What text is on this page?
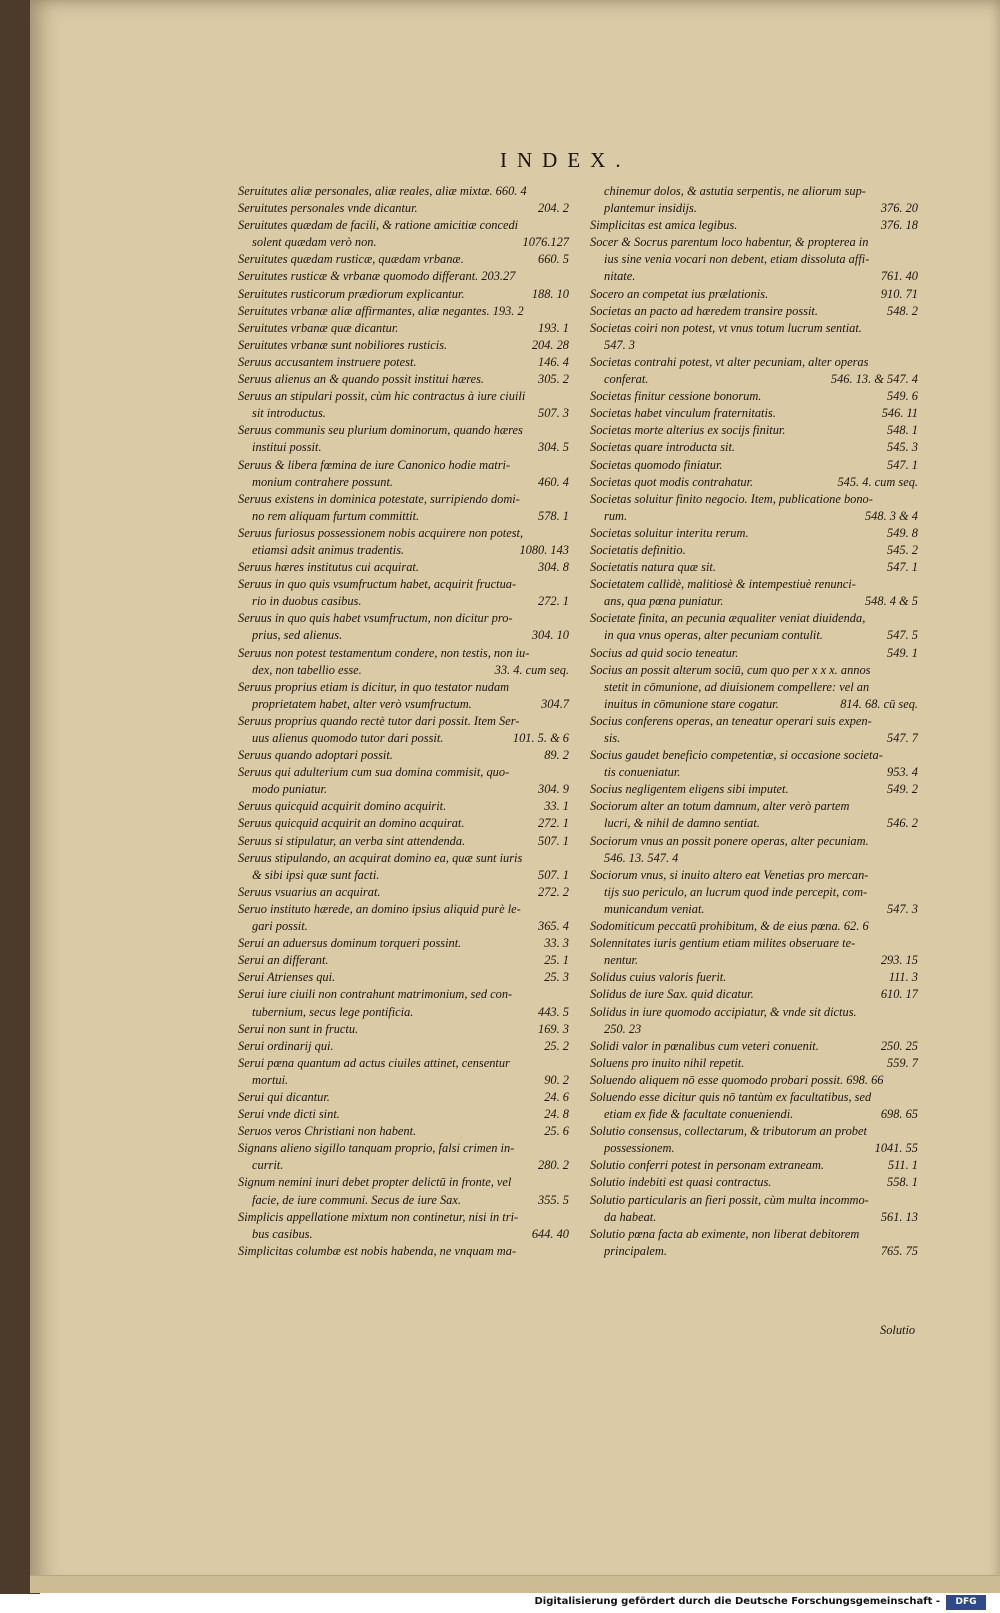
INDEX.

Seruitutes aliæ personales, aliæ reales, aliæ mixtæ. 660. 4

Seruitutes personales vnde dicantur.	204. 2

Seruitutes quædam de facili, & ratione amicitiæ concedi
solent quædam verò non.	1076.127

Seruitutes quædam rusticæ, quædam vrbanæ.	660. 5

Seruitutes rusticæ & vrbanæ quomodo differant. 203.27

Seruitutes rusticorum prædiorum explicantur.	188. 10

Seruitutes vrbanæ aliæ affirmantes, aliæ negantes. 193. 2

Seruitutes vrbanæ quæ dicantur.	193. 1

Seruitutes vrbanæ sunt nobiliores rusticis.	204. 28

Seruus accusantem instruere potest.	146. 4

Seruus alienus an & quando possit institui hæres.	305. 2

Seruus an stipulari possit, cùm hic contractus à iure ciuili
sit introductus.	507. 3

Seruus communis seu plurium dominorum, quando hæres
institui possit.	304. 5

Seruus & libera fœmina de iure Canonico hodie matri-
monium contrahere possunt.	460. 4

Seruus existens in dominica potestate, surripiendo domi-
no rem aliquam furtum committit.	578. 1

Seruus furiosus possessionem nobis acquirere non potest,
etiamsi adsit animus tradentis.	1080. 143

Seruus hæres institutus cui acquirat.	304. 8

Seruus in quo quis vsumfructum habet, acquirit fructua-
rio in duobus casibus.	272. 1

Seruus in quo quis habet vsumfructum, non dicitur pro-
prius, sed alienus.	304. 10

Seruus non potest testamentum condere, non testis, non iu-
dex, non tabellio esse.	33. 4. cum seq.

Seruus proprius etiam is dicitur, in quo testator nudam
proprietatem habet, alter verò vsumfructum.	304.7

Seruus proprius quando rectè tutor dari possit. Item Ser-
uus alienus quomodo tutor dari possit.	101. 5. & 6

Seruus quando adoptari possit.	89. 2

Seruus qui adulterium cum sua domina commisit, quo-
modo puniatur.	304. 9

Seruus quicquid acquirit domino acquirit.	33. 1

Seruus quicquid acquirit an domino acquirat.	272. 1

Seruus si stipulatur, an verba sint attendenda.	507. 1

Seruus stipulando, an acquirat domino ea, quæ sunt iuris
& sibi ipsi quæ sunt facti.	507. 1

Seruus vsuarius an acquirat.	272. 2

Seruo instituto hærede, an domino ipsius aliquid purè le-
gari possit.	365. 4

Serui an aduersus dominum torqueri possint.	33. 3

Serui an differant.	25. 1

Serui Atrienses qui.	25. 3

Serui iure ciuili non contrahunt matrimonium, sed con-
tubernium, secus lege pontificia.	443. 5

Serui non sunt in fructu.	169. 3

Serui ordinarij qui.	25. 2

Serui pœna quantum ad actus ciuiles attinet, censentur
mortui.	90. 2

Serui qui dicantur.	24. 6

Serui vnde dicti sint.	24. 8

Seruos veros Christiani non habent.	25. 6

Signans alieno sigillo tanquam proprio, falsi crimen in-
currit.	280. 2

Signum nemini inuri debet propter delictū in fronte, vel
facie, de iure communi. Secus de iure Sax.	355. 5

Simplicis appellatione mixtum non continetur, nisi in tri-
bus casibus.	644. 40

Simplicitas columbæ est nobis habenda, ne vnquam ma-

chinemur dolos, & astutia serpentis, ne aliorum sup-
plantemur insidijs.	376. 20

Simplicitas est amica legibus.	376. 18

Socer & Socrus parentum loco habentur, & propterea in
ius sine venia vocari non debent, etiam dissoluta affi-
nitate.	761. 40

Socero an competat ius prælationis.	910. 71

Societas an pacto ad hæredem transire possit.	548. 2

Societas coiri non potest, vt vnus totum lucrum sentiat.
547. 3

Societas contrahi potest, vt alter pecuniam, alter operas
conferat.	546. 13. & 547. 4

Societas finitur cessione bonorum.	549. 6

Societas habet vinculum fraternitatis.	546. 11

Societas morte alterius ex socijs finitur.	548. 1

Societas quare introducta sit.	545. 3

Societas quomodo finiatur.	547. 1

Societas quot modis contrahatur.	545. 4. cum seq.

Societas soluitur finito negocio. Item, publicatione bono-
rum.	548. 3 & 4

Societas soluitur interitu rerum.	549. 8

Societatis definitio.	545. 2

Societatis natura quæ sit.	547. 1

Societatem callidè, malitiosè & intempestiuè renunci-
ans, qua pœna puniatur.	548. 4 & 5

Societate finita, an pecunia æqualiter veniat diuidenda,
in qua vnus operas, alter pecuniam contulit.	547. 5

Socius ad quid socio teneatur.	549. 1

Socius an possit alterum sociū, cum quo per x x x. annos
stetit in cōmunione, ad diuisionem compellere: vel an
inuitus in cōmunione stare cogatur.	814. 68. cū seq.

Socius conferens operas, an teneatur operari suis expen-
sis.	547. 7

Socius gaudet beneficio competentiæ, si occasione societa-
tis conueniatur.	953. 4

Socius negligentem eligens sibi imputet.	549. 2

Sociorum alter an totum damnum, alter verò partem
lucri, & nihil de damno sentiat.	546. 2

Sociorum vnus an possit ponere operas, alter pecuniam.
546. 13. 547. 4

Sociorum vnus, si inuito altero eat Venetias pro mercan-
tijs suo periculo, an lucrum quod inde percepit, com-
municandum veniat.	547. 3

Sodomiticum peccatū prohibitum, & de eius pœna. 62. 6

Solennitates iuris gentium etiam milites obseruare te-
nentur.	293. 15

Solidus cuius valoris fuerit.	111. 3

Solidus de iure Sax. quid dicatur.	610. 17

Solidus in iure quomodo accipiatur, & vnde sit dictus.
250. 23

Solidi valor in pœnalibus cum veteri conuenit.	250. 25

Soluens pro inuito nihil repetit.	559. 7

Soluendo aliquem nō esse quomodo probari possit. 698. 66

Soluendo esse dicitur quis nō tantùm ex facultatibus, sed
etiam ex fide & facultate conueniendi.	698. 65

Solutio consensus, collectarum, & tributorum an probet
possessionem.	1041. 55

Solutio conferri potest in personam extraneam.	511. 1

Solutio indebiti est quasi contractus.	558. 1

Solutio particularis an fieri possit, cùm multa incommo-
da habeat.	561. 13

Solutio pœna facta ab eximente, non liberat debitorem
principalem.	765. 75

Solutio
Digitalisierung gefördert durch die Deutsche Forschungsgemeinschaft -	DFG
